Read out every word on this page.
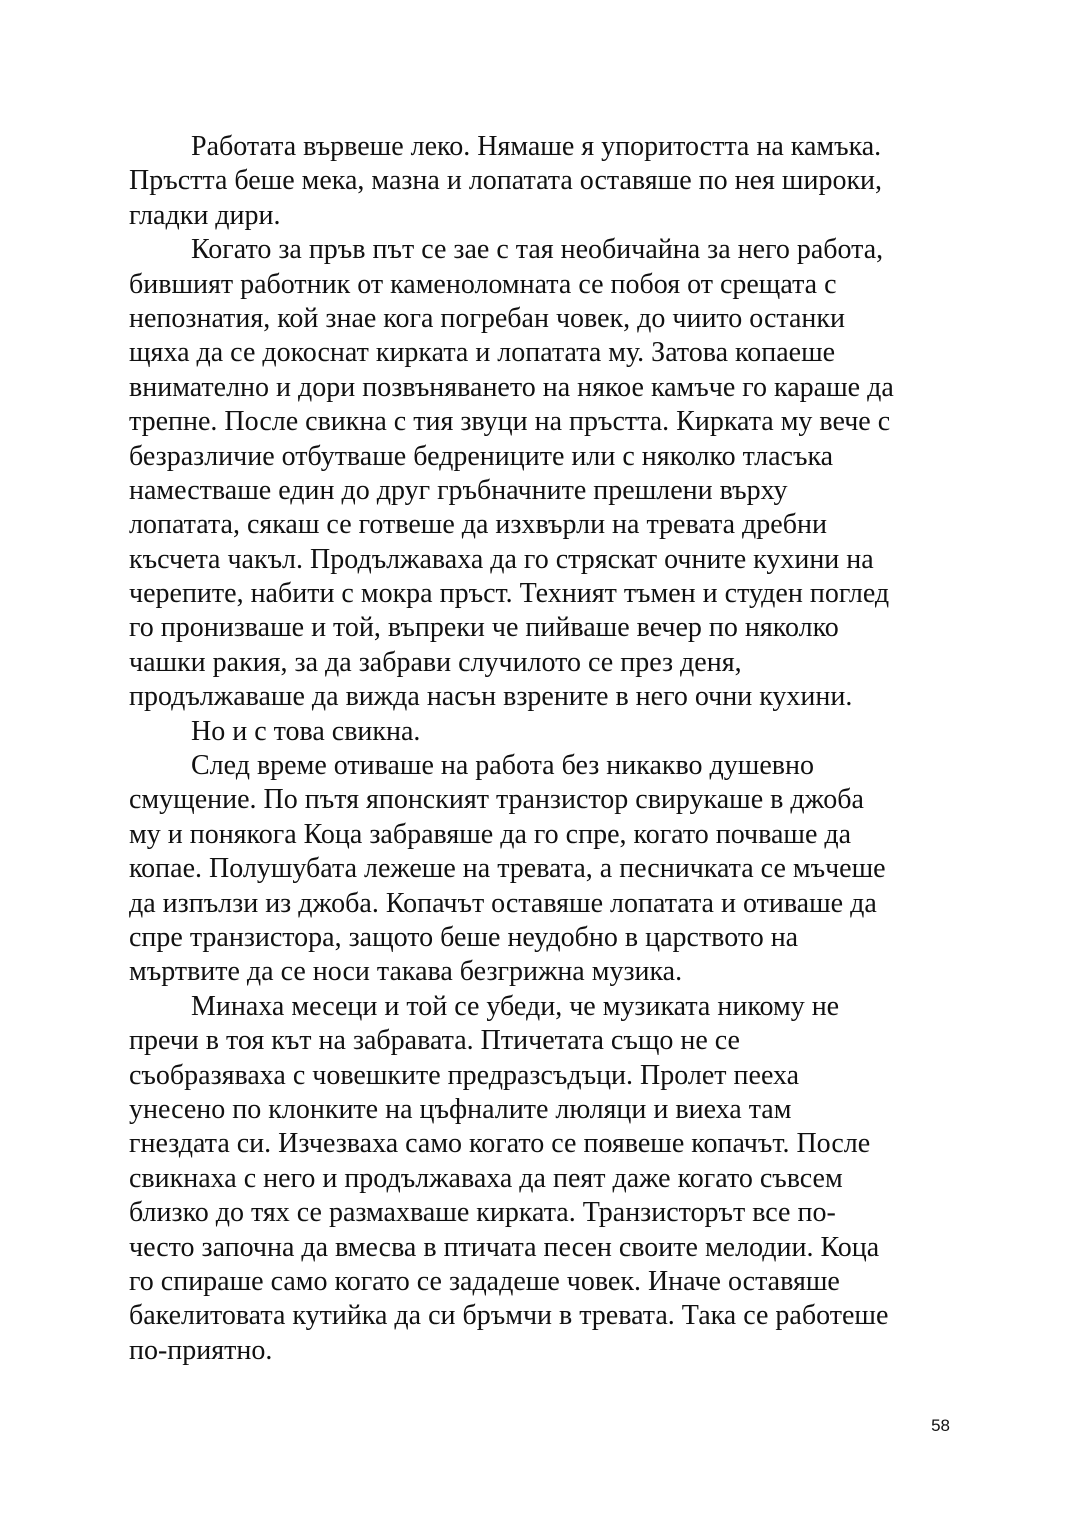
Работата вървеше леко. Нямаше я упоритостта на камъка.
Пръстта беше мека, мазна и лопатата оставяше по нея широки,
гладки дири.
Когато за пръв път се зае с тая необичайна за него работа,
бившият работник от каменоломната се побоя от срещата с
непознатия, кой знае кога погребан човек, до чиито останки
щяха да се докоснат кирката и лопатата му. Затова копаеше
внимателно и дори позвъняването на някое камъче го караше да
трепне. После свикна с тия звуци на пръстта. Кирката му вече с
безразличие отбутваше бедрениците или с няколко тласъка
наместваше един до друг гръбначните прешлени върху
лопатата, сякаш се готвеше да изхвърли на тревата дребни
късчета чакъл. Продължаваха да го стряскат очните кухини на
черепите, набити с мокра пръст. Техният тъмен и студен поглед
го пронизваше и той, въпреки че пийваше вечер по няколко
чашки ракия, за да забрави случилото се през деня,
продължаваше да вижда насън взрените в него очни кухини.
Но и с това свикна.
След време отиваше на работа без никакво душевно
смущение. По пътя японският транзистор свирукаше в джоба
му и понякога Коца забравяше да го спре, когато почваше да
копае. Полушубата лежеше на тревата, а песничката се мъчеше
да изпълзи из джоба. Копачът оставяше лопатата и отиваше да
спре транзистора, защото беше неудобно в царството на
мъртвите да се носи такава безгрижна музика.
Минаха месеци и той се убеди, че музиката никому не
пречи в тоя кът на забравата. Птичетата също не се
съобразяваха с човешките предразсъдъци. Пролет пееха
унесено по клонките на цъфналите люляци и виеха там
гнездата си. Изчезваха само когато се появеше копачът. После
свикнаха с него и продължаваха да пеят даже когато съвсем
близко до тях се размахваше кирката. Транзисторът все по-
често започна да вмесва в птичата песен своите мелодии. Коца
го спираше само когато се зададеше човек. Иначе оставяше
бакелитовата кутийка да си бръмчи в тревата. Така се работеше
по-приятно.
58
